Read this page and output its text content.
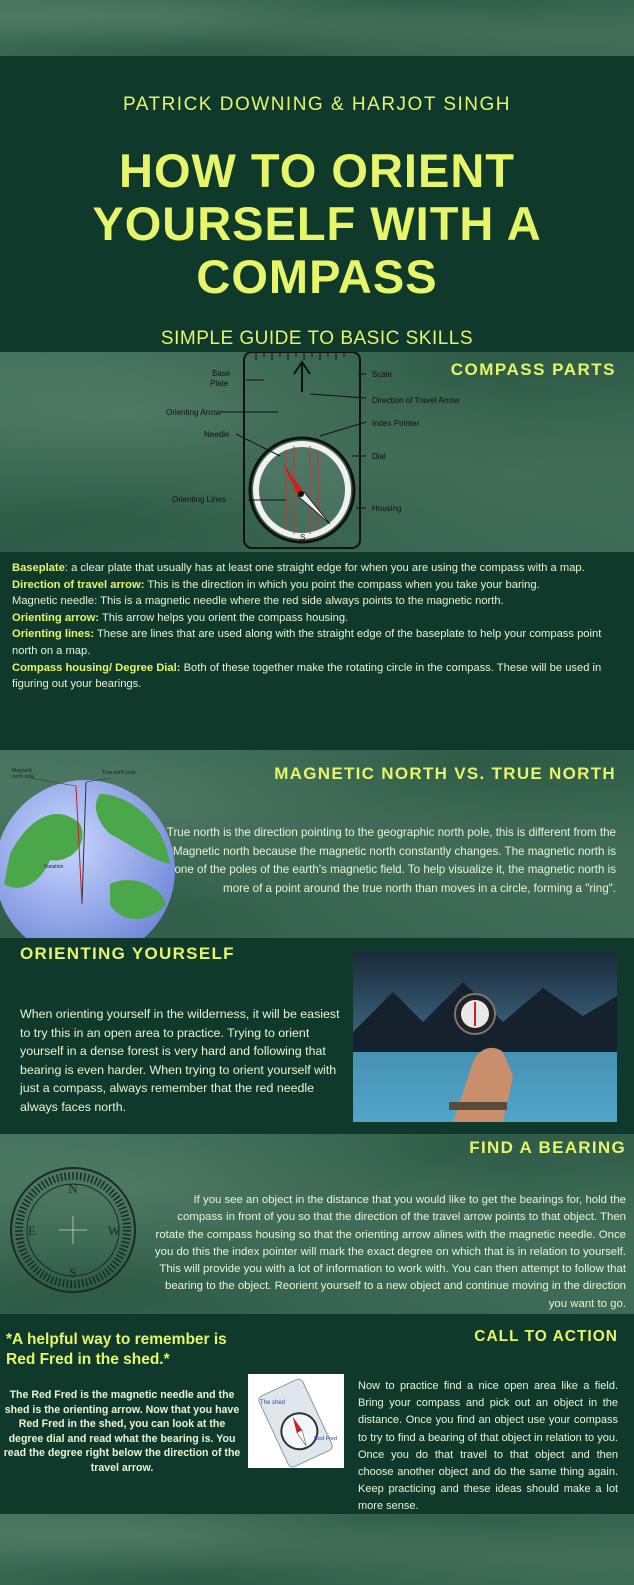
PATRICK DOWNING & HARJOT SINGH
HOW TO ORIENT
YOURSELF WITH A
COMPASS
SIMPLE GUIDE TO BASIC SKILLS
S
Base
Plate
Orienting Arrow
Needle
Orienting Lines
Scale
Direction of Travel Arrow
Index Pointer
Dial
Housing
COMPASS PARTS
Baseplate: a clear plate that usually has at least one straight edge for when you are using the compass with a map.
Direction of travel arrow: This is the direction in which you point the compass when you take your baring.
Magnetic needle: This is a magnetic needle where the red side always points to the magnetic north.
Orienting arrow: This arrow helps you orient the compass housing.
Orienting lines: These are lines that are used along with the straight edge of the baseplate to help your compass point north on a map.
Compass housing/ Degree Dial: Both of these together make the rotating circle in the compass. These will be used in figuring out your bearings.
Magnetic
north pole
True north pole
Variation
MAGNETIC NORTH VS. TRUE NORTH
True north is the direction pointing to the geographic north pole, this is different from the Magnetic north because the magnetic north constantly changes. The magnetic north is one of the poles of the earth's magnetic field. To help visualize it, the magnetic north is more of a point around the true north than moves in a circle, forming a "ring".
ORIENTING YOURSELF
When orienting yourself in the wilderness, it will be easiest to try this in an open area to practice. Trying to orient yourself in a dense forest is very hard and following that bearing is even harder. When trying to orient yourself with just a compass, always remember that the red needle always faces north.
N
W
S
E
FIND A BEARING
If you see an object in the distance that you would like to get the bearings for, hold the compass in front of you so that the direction of the travel arrow points to that object. Then rotate the compass housing so that the orienting arrow alines with the magnetic needle. Once you do this the index pointer will mark the exact degree on which that is in relation to yourself. This will provide you with a lot of information to work with. You can then attempt to follow that bearing to the object. Reorient yourself to a new object and continue moving in the direction you want to go.
*A helpful way to remember is Red Fred in the shed.*
The Red Fred is the magnetic needle and the shed is the orienting arrow. Now that you have Red Fred in the shed, you can look at the degree dial and read what the bearing is. You read the degree right below the direction of the travel arrow.
The shed
Red Fred
CALL TO ACTION
Now to practice find a nice open area like a field. Bring your compass and pick out an object in the distance. Once you find an object use your compass to try to find a bearing of that object in relation to you. Once you do that travel to that object and then choose another object and do the same thing again. Keep practicing and these ideas should make a lot more sense.
